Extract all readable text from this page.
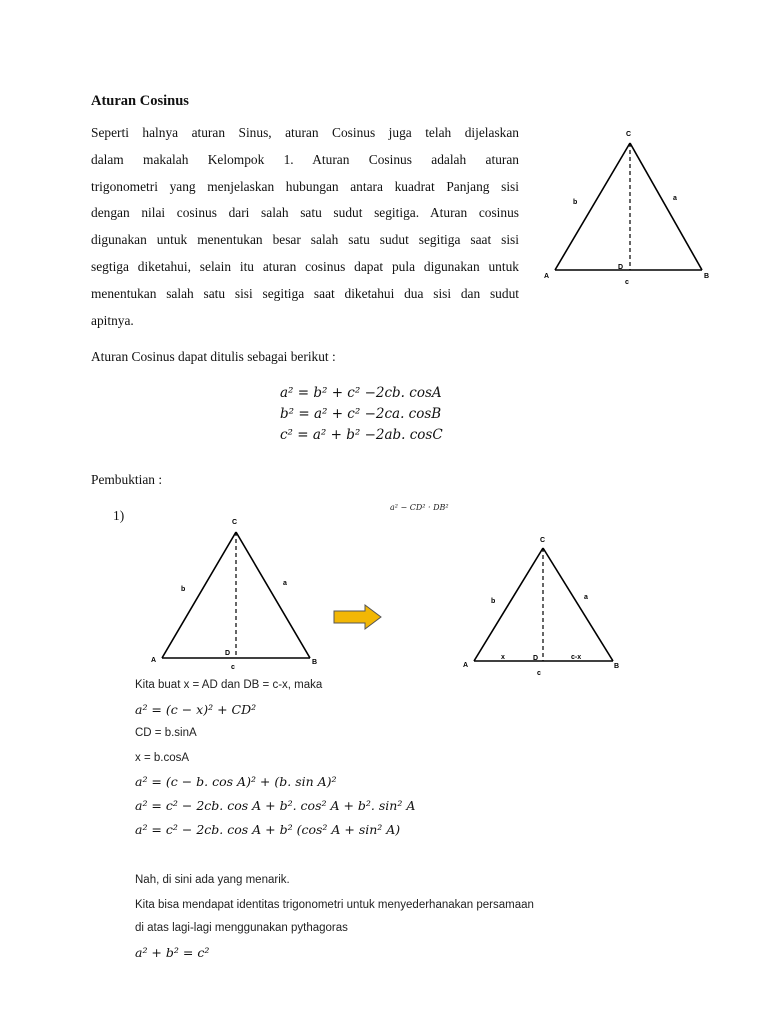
Aturan Cosinus
Seperti halnya aturan Sinus, aturan Cosinus juga telah dijelaskan
dalam makalah Kelompok 1. Aturan Cosinus adalah aturan
trigonometri yang menjelaskan hubungan antara kuadrat Panjang sisi
dengan nilai cosinus dari salah satu sudut segitiga. Aturan cosinus
digunakan untuk menentukan besar salah satu sudut segitiga saat sisi
segtiga diketahui, selain itu aturan cosinus dapat pula digunakan untuk
menentukan salah satu sisi segitiga saat diketahui dua sisi dan sudut
apitnya.
C
A	B
D
b
a
c
Aturan Cosinus dapat ditulis sebagai berikut :
a² = b² + c² −2cb. cosA
b² = a² + c² −2ca. cosB
c² = a² + b² −2ab. cosC
Pembuktian :
1)
a² − CD² · DB²
C
A	B
D
b
a
c
C
A	B
D
b
a
c
x	c-x
Kita buat x = AD dan DB = c-x, maka
a² = (c − x)² + CD²
CD = b.sinA
x = b.cosA
a² = (c − b. cos A)² + (b. sin A)²
a² = c² − 2cb. cos A + b². cos² A + b². sin² A
a² = c² − 2cb. cos A + b² (cos² A + sin² A)
Nah, di sini ada yang menarik.
Kita bisa mendapat identitas trigonometri untuk menyederhanakan persamaan
di atas lagi-lagi menggunakan pythagoras
a² + b² = c²
